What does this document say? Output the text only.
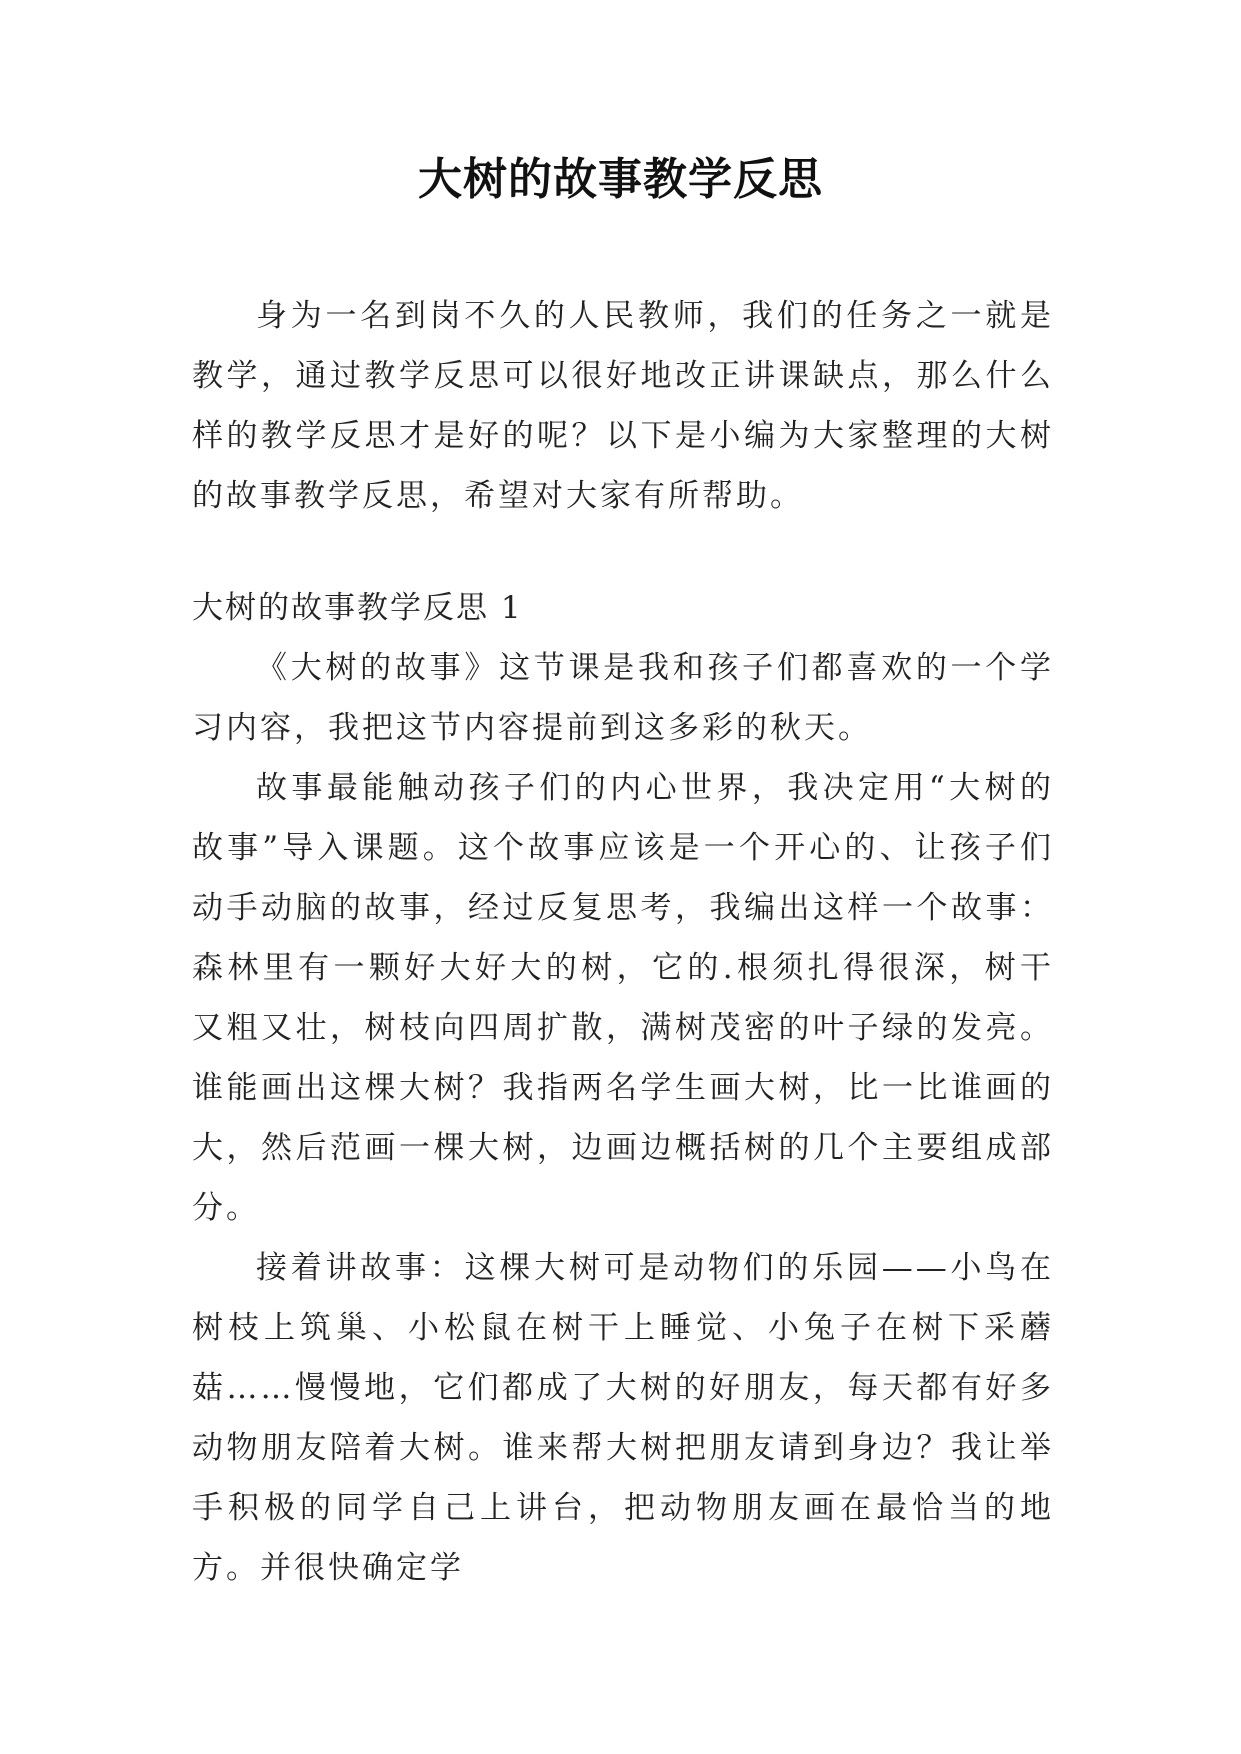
大树的故事教学反思

身为一名到岗不久的人民教师，我们的任务之一就是教学，通过教学反思可以很好地改正讲课缺点，那么什么样的教学反思才是好的呢？以下是小编为大家整理的大树的故事教学反思，希望对大家有所帮助。

大树的故事教学反思 1

《大树的故事》这节课是我和孩子们都喜欢的一个学习内容，我把这节内容提前到这多彩的秋天。

故事最能触动孩子们的内心世界，我决定用“大树的故事”导入课题。这个故事应该是一个开心的、让孩子们动手动脑的故事，经过反复思考，我编出这样一个故事：森林里有一颗好大好大的树，它的.根须扎得很深，树干又粗又壮，树枝向四周扩散，满树茂密的叶子绿的发亮。谁能画出这棵大树？我指两名学生画大树，比一比谁画的大，然后范画一棵大树，边画边概括树的几个主要组成部分。

接着讲故事：这棵大树可是动物们的乐园——小鸟在树枝上筑巢、小松鼠在树干上睡觉、小兔子在树下采蘑菇……慢慢地，它们都成了大树的好朋友，每天都有好多动物朋友陪着大树。谁来帮大树把朋友请到身边？我让举手积极的同学自己上讲台，把动物朋友画在最恰当的地方。并很快确定学
